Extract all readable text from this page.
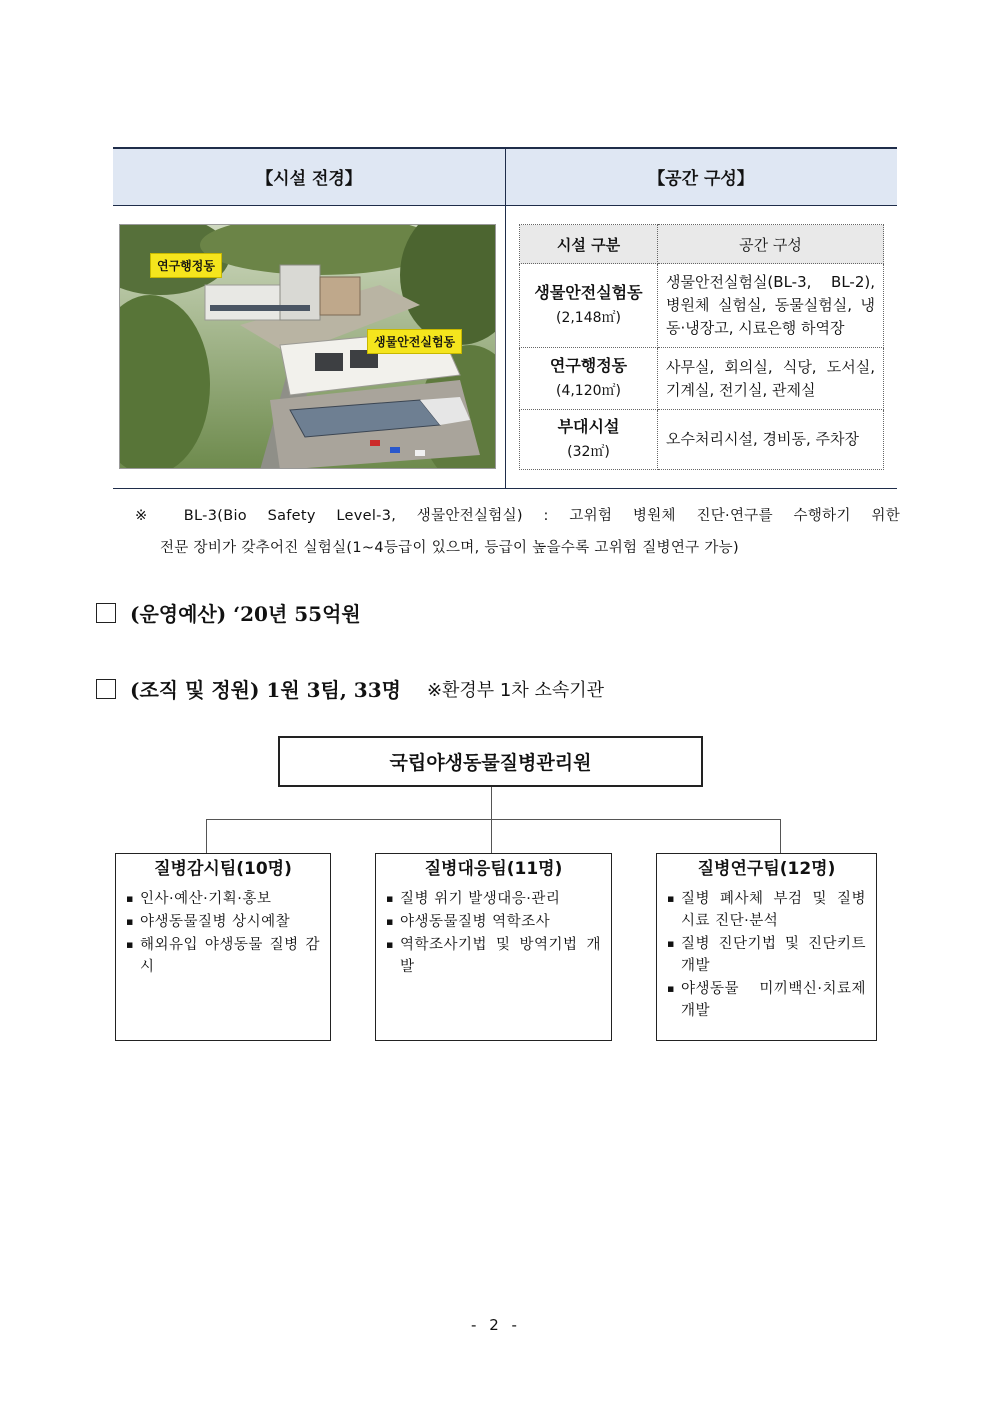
【시설 전경】	【공간 구성】
연구행정동
생물안전실험동
시설 구분	공간 구성

생물안전실험동
(2,148㎡)	생물안전실험실(BL-3, BL-2), 병원체 실험실, 동물실험실, 냉동·냉장고, 시료은행 하역장

연구행정동
(4,120㎡)	사무실, 회의실, 식당, 도서실, 기계실, 전기실, 관제실

부대시설
(32㎡)	오수처리시설, 경비동, 주차장
※ BL-3(Bio Safety Level-3, 생물안전실험실) : 고위험 병원체 진단·연구를 수행하기 위한
전문 장비가 갖추어진 실험실(1~4등급이 있으며, 등급이 높을수록 고위험 질병연구 가능)
(운영예산) ‘20년 55억원
(조직 및 정원) 1원 3팀, 33명 ※환경부 1차 소속기관
국립야생동물질병관리원
질병감시팀(10명)
▪ 인사·예산·기획·홍보
▪ 야생동물질병 상시예찰
▪ 해외유입 야생동물 질병 감시
질병대응팀(11명)
▪ 질병 위기 발생대응·관리
▪ 야생동물질병 역학조사
▪ 역학조사기법 및 방역기법 개발
질병연구팀(12명)
▪ 질병 폐사체 부검 및 질병 시료 진단·분석
▪ 질병 진단기법 및 진단키트 개발
▪ 야생동물 미끼백신·치료제 개발
- 2 -
